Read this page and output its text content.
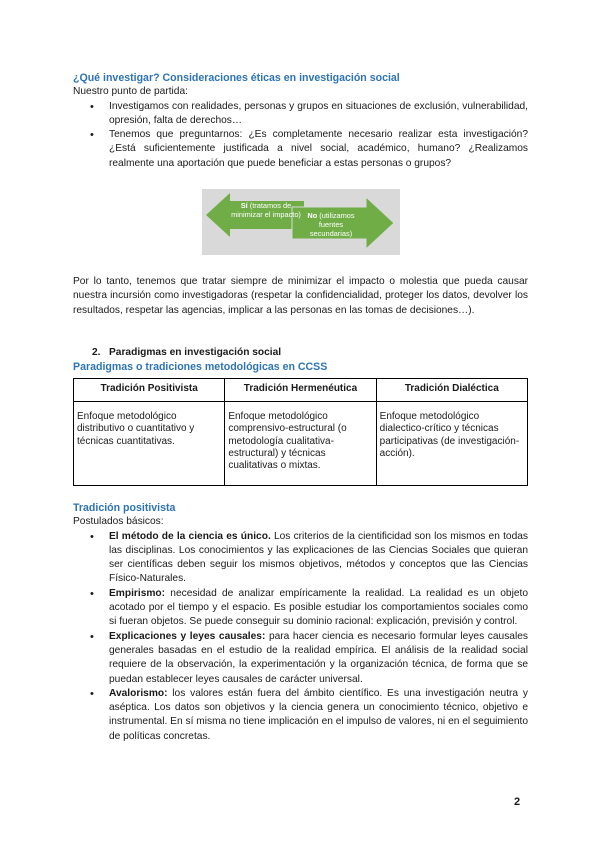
¿Qué investigar? Consideraciones éticas en investigación social
Nuestro punto de partida:
• Investigamos con realidades, personas y grupos en situaciones de exclusión, vulnerabilidad, opresión, falta de derechos…
• Tenemos que preguntarnos: ¿Es completamente necesario realizar esta investigación? ¿Está suficientemente justificada a nivel social, académico, humano? ¿Realizamos realmente una aportación que puede beneficiar a estas personas o grupos?
Sí (tratamos de minimizar el impacto) No (utilizamos fuentes secundarias)
Por lo tanto, tenemos que tratar siempre de minimizar el impacto o molestia que pueda causar nuestra incursión como investigadoras (respetar la confidencialidad, proteger los datos, devolver los resultados, respetar las agencias, implicar a las personas en las tomas de decisiones…).
2. Paradigmas en investigación social
Paradigmas o tradiciones metodológicas en CCSS
Tradición Positivista	Tradición Hermenéutica	Tradición Dialéctica
Enfoque metodológico distributivo o cuantitativo y técnicas cuantitativas.	Enfoque metodológico comprensivo-estructural (o metodología cualitativa-estructural) y técnicas cualitativas o mixtas.	Enfoque metodológico dialectico-crítico y técnicas participativas (de investigación-acción).
Tradición positivista
Postulados básicos:
• El método de la ciencia es único. Los criterios de la cientificidad son los mismos en todas las disciplinas. Los conocimientos y las explicaciones de las Ciencias Sociales que quieran ser científicas deben seguir los mismos objetivos, métodos y conceptos que las Ciencias Físico-Naturales.
• Empirismo: necesidad de analizar empíricamente la realidad. La realidad es un objeto acotado por el tiempo y el espacio. Es posible estudiar los comportamientos sociales como si fueran objetos. Se puede conseguir su dominio racional: explicación, previsión y control.
• Explicaciones y leyes causales: para hacer ciencia es necesario formular leyes causales generales basadas en el estudio de la realidad empírica. El análisis de la realidad social requiere de la observación, la experimentación y la organización técnica, de forma que se puedan establecer leyes causales de carácter universal.
• Avalorismo: los valores están fuera del ámbito científico. Es una investigación neutra y aséptica. Los datos son objetivos y la ciencia genera un conocimiento técnico, objetivo e instrumental. En sí misma no tiene implicación en el impulso de valores, ni en el seguimiento de políticas concretas.
2
